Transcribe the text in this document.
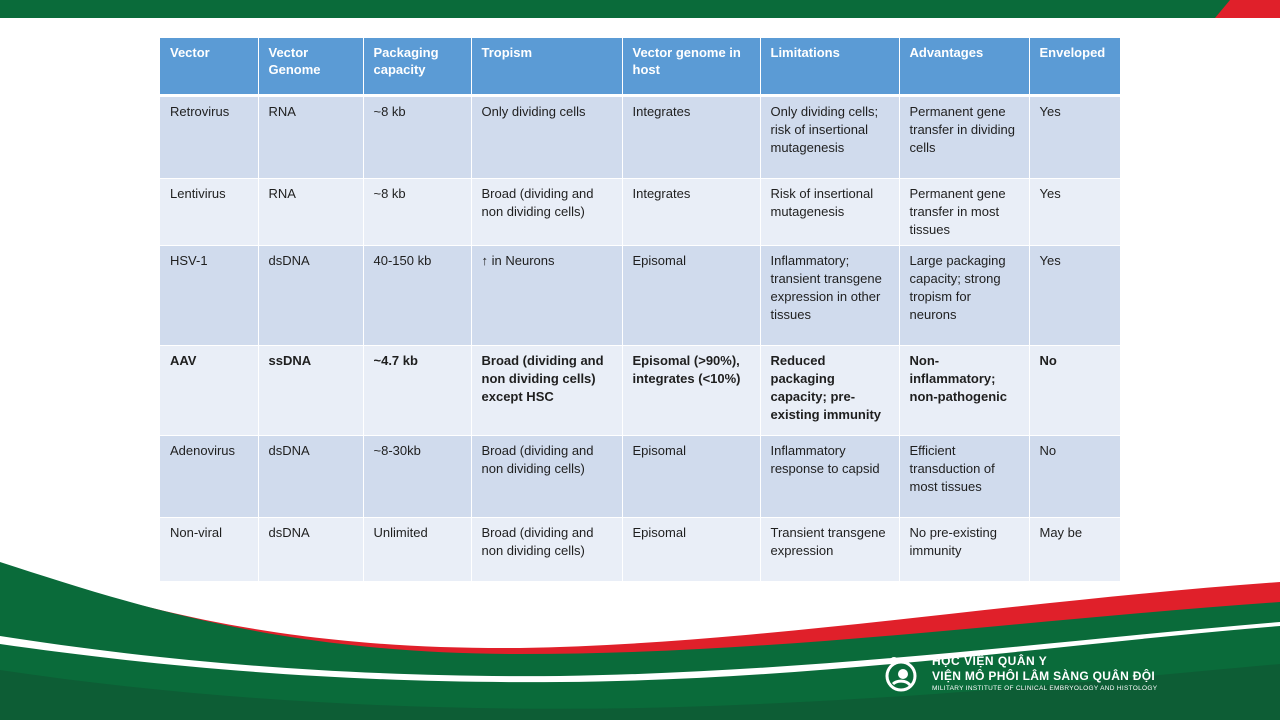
Vector	Vector Genome	Packaging capacity	Tropism	Vector genome in host	Limitations	Advantages	Enveloped
Retrovirus	RNA	~8 kb	Only dividing cells	Integrates	Only dividing cells; risk of insertional mutagenesis	Permanent gene transfer in dividing cells	Yes
Lentivirus	RNA	~8 kb	Broad (dividing and non dividing cells)	Integrates	Risk of insertional mutagenesis	Permanent gene transfer in most tissues	Yes
HSV-1	dsDNA	40-150 kb	↑ in Neurons	Episomal	Inflammatory; transient transgene expression in other tissues	Large packaging capacity; strong tropism for neurons	Yes
AAV	ssDNA	~4.7 kb	Broad (dividing and non dividing cells) except HSC	Episomal (>90%), integrates (<10%)	Reduced packaging capacity; pre-existing immunity	Non-inflammatory; non-pathogenic	No
Adenovirus	dsDNA	~8-30kb	Broad (dividing and non dividing cells)	Episomal	Inflammatory response to capsid	Efficient transduction of most tissues	No
Non-viral	dsDNA	Unlimited	Broad (dividing and non dividing cells)	Episomal	Transient transgene expression	No pre-existing immunity	May be
HỌC VIỆN QUÂN Y
VIỆN MÔ PHÔI LÂM SÀNG QUÂN ĐỘI
MILITARY INSTITUTE OF CLINICAL EMBRYOLOGY AND HISTOLOGY
